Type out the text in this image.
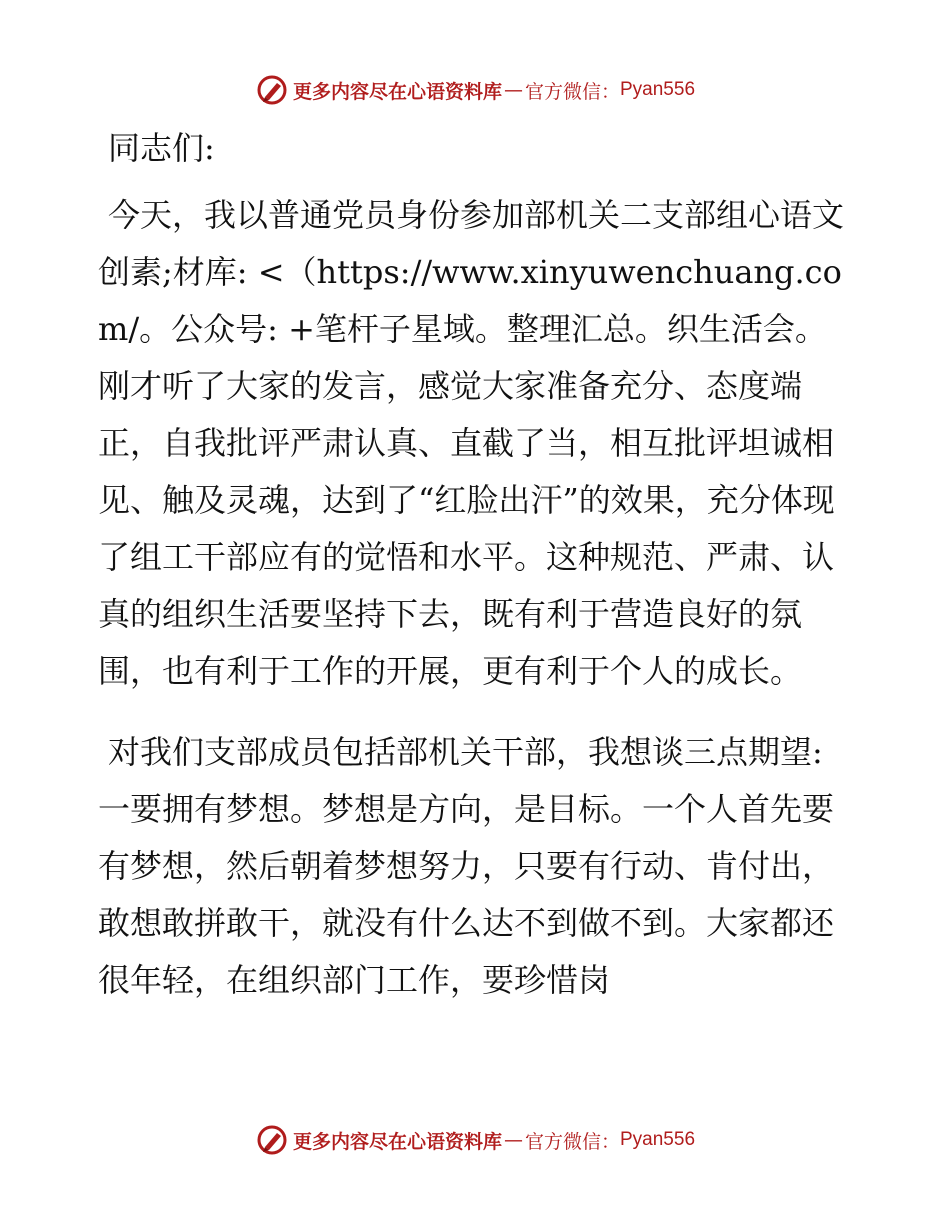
更多内容尽在心语资料库 — 官方微信： Pyan556

同志们:

今天，我以普通党员身份参加部机关二支部组心语文创素;材库: <（https://www.xinyuwenchuang.com/。公众号: +笔杆子星域。整理汇总。织生活会。刚才听了大家的发言，感觉大家准备充分、态度端正，自我批评严肃认真、直截了当，相互批评坦诚相见、触及灵魂，达到了“红脸出汗”的效果，充分体现了组工干部应有的觉悟和水平。这种规范、严肃、认真的组织生活要坚持下去，既有利于营造良好的氛围，也有利于工作的开展，更有利于个人的成长。

对我们支部成员包括部机关干部，我想谈三点期望: 一要拥有梦想。梦想是方向，是目标。一个人首先要有梦想，然后朝着梦想努力，只要有行动、肯付出，敢想敢拼敢干，就没有什么达不到做不到。大家都还很年轻，在组织部门工作，要珍惜岗

更多内容尽在心语资料库 — 官方微信： Pyan556
